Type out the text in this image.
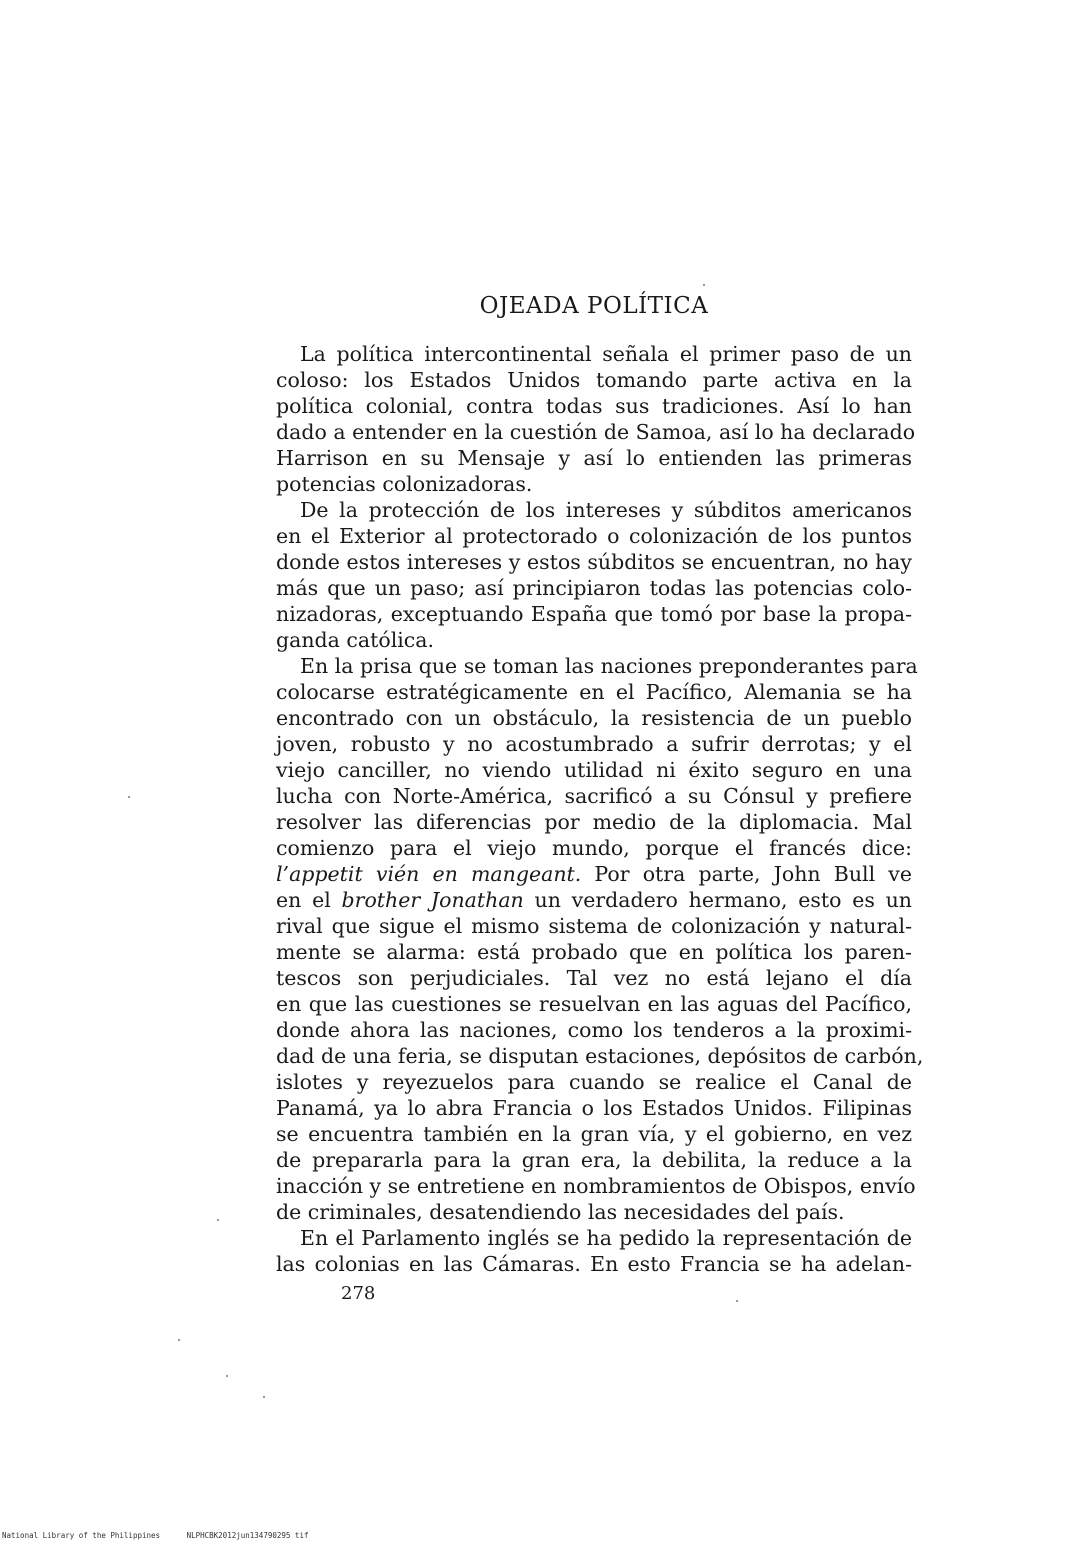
OJEADA POLÍTICA

La política intercontinental señala el primer paso de un
coloso: los Estados Unidos tomando parte activa en la
política colonial, contra todas sus tradiciones. Así lo han
dado a entender en la cuestión de Samoa, así lo ha declarado
Harrison en su Mensaje y así lo entienden las primeras
potencias colonizadoras.

De la protección de los intereses y súbditos americanos
en el Exterior al protectorado o colonización de los puntos
donde estos intereses y estos súbditos se encuentran, no hay
más que un paso; así principiaron todas las potencias colo-
nizadoras, exceptuando España que tomó por base la propa-
ganda católica.

En la prisa que se toman las naciones preponderantes para
colocarse estratégicamente en el Pacífico, Alemania se ha
encontrado con un obstáculo, la resistencia de un pueblo
joven, robusto y no acostumbrado a sufrir derrotas; y el
viejo canciller, no viendo utilidad ni éxito seguro en una
lucha con Norte-América, sacrificó a su Cónsul y prefiere
resolver las diferencias por medio de la diplomacia. Mal
comienzo para el viejo mundo, porque el francés dice:
l’appetit vién en mangeant. Por otra parte, John Bull ve
en el brother Jonathan un verdadero hermano, esto es un
rival que sigue el mismo sistema de colonización y natural-
mente se alarma: está probado que en política los paren-
tescos son perjudiciales. Tal vez no está lejano el día
en que las cuestiones se resuelvan en las aguas del Pacífico,
donde ahora las naciones, como los tenderos a la proximi-
dad de una feria, se disputan estaciones, depósitos de carbón,
islotes y reyezuelos para cuando se realice el Canal de
Panamá, ya lo abra Francia o los Estados Unidos. Filipinas
se encuentra también en la gran vía, y el gobierno, en vez
de prepararla para la gran era, la debilita, la reduce a la
inacción y se entretiene en nombramientos de Obispos, envío
de criminales, desatendiendo las necesidades del país.

En el Parlamento inglés se ha pedido la representación de
las colonias en las Cámaras. En esto Francia se ha adelan-

278
National Library of the Philippines	NLPHCBK2012jun134790295 tif
